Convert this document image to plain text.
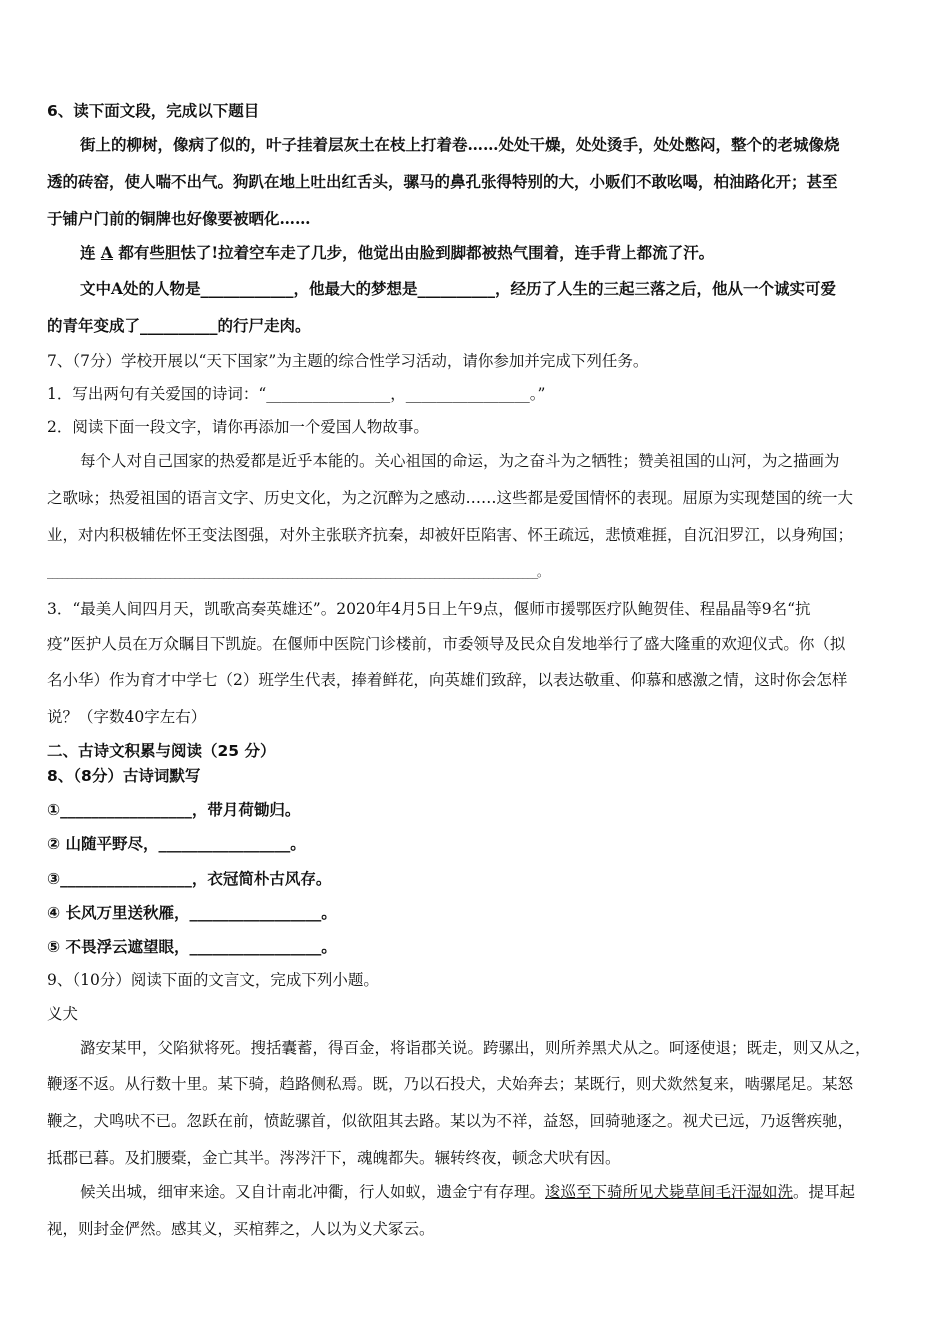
6、读下面文段，完成以下题目
街上的柳树，像病了似的，叶子挂着层灰土在枝上打着卷……处处干燥，处处烫手，处处憋闷，整个的老城像烧
透的砖窑，使人喘不出气。狗趴在地上吐出红舌头，骡马的鼻孔张得特别的大，小贩们不敢吆喝，柏油路化开；甚至
于铺户门前的铜牌也好像要被晒化……
连 A 都有些胆怯了!拉着空车走了几步，他觉出由脸到脚都被热气围着，连手背上都流了汗。
文中A处的人物是____________，他最大的梦想是__________，经历了人生的三起三落之后，他从一个诚实可爱
的青年变成了__________的行尸走肉。
7、（7分）学校开展以“天下国家”为主题的综合性学习活动，请你参加并完成下列任务。
1．写出两句有关爱国的诗词：“________________，________________。”
2．阅读下面一段文字，请你再添加一个爱国人物故事。
每个人对自己国家的热爱都是近乎本能的。关心祖国的命运，为之奋斗为之牺牲；赞美祖国的山河，为之描画为
之歌咏；热爱祖国的语言文字、历史文化，为之沉醉为之感动……这些都是爱国情怀的表现。屈原为实现楚国的统一大
业，对内积极辅佐怀王变法图强，对外主张联齐抗秦，却被奸臣陷害、怀王疏远，悲愤难捱，自沉汨罗江，以身殉国；
____________________________________________________________________________________________________。
3．“最美人间四月天，凯歌高奏英雄还”。2020年4月5日上午9点，偃师市援鄂医疗队鲍贺佳、程晶晶等9名“抗
疫”医护人员在万众瞩目下凯旋。在偃师中医院门诊楼前，市委领导及民众自发地举行了盛大隆重的欢迎仪式。你（拟
名小华）作为育才中学七（2）班学生代表，捧着鲜花，向英雄们致辞，以表达敬重、仰慕和感激之情，这时你会怎样
说？（字数40字左右）
二、古诗文积累与阅读（25 分）
8、（8分）古诗词默写
①_________________，带月荷锄归。
② 山随平野尽，_________________。
③_________________，衣冠简朴古风存。
④ 长风万里送秋雁，_________________。
⑤ 不畏浮云遮望眼，_________________。
9、（10分）阅读下面的文言文，完成下列小题。
义犬
潞安某甲，父陷狱将死。搜括囊蓄，得百金，将诣郡关说。跨骡出，则所养黑犬从之。呵逐使退；既走，则又从之，
鞭逐不返。从行数十里。某下骑，趋路侧私焉。既，乃以石投犬，犬始奔去；某既行，则犬欻然复来，啮骡尾足。某怒
鞭之，犬鸣吠不已。忽跃在前，愤龁骡首，似欲阻其去路。某以为不祥，益怒，回骑驰逐之。视犬已远，乃返辔疾驰，
抵郡已暮。及扪腰橐，金亡其半。涔涔汗下，魂魄都失。辗转终夜，顿念犬吠有因。
候关出城，细审来途。又自计南北冲衢，行人如蚁，遗金宁有存理。逡巡至下骑所见犬毙草间毛汗湿如洗。提耳起
视，则封金俨然。感其义，买棺葬之，人以为义犬冢云。
